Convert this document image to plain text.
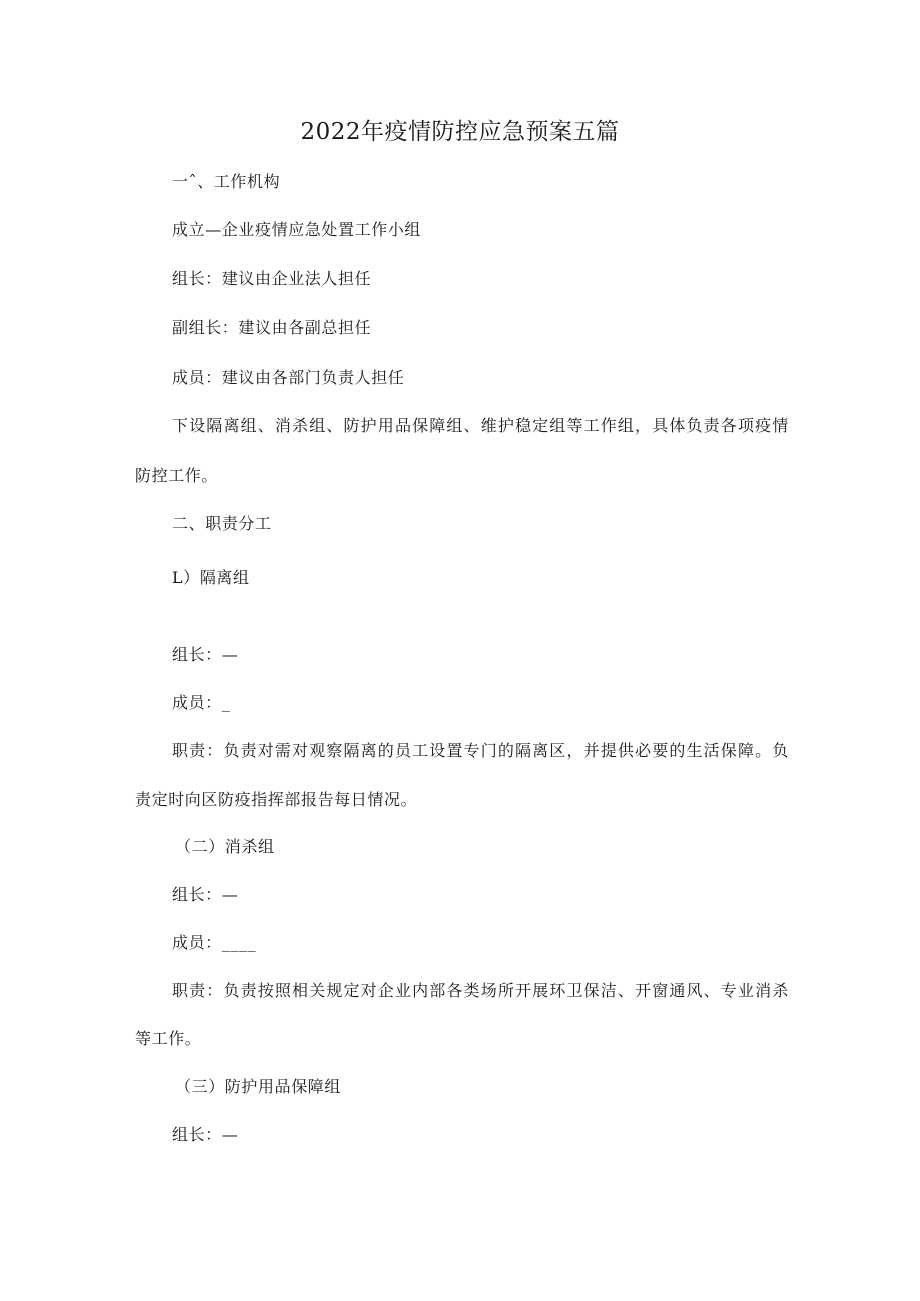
2022年疫情防控应急预案五篇
一ˆ、工作机构
成立—企业疫情应急处置工作小组
组长：建议由企业法人担任
副组长：建议由各副总担任
成员：建议由各部门负责人担任
下设隔离组、消杀组、防护用品保障组、维护稳定组等工作组，具体负责各项疫情
防控工作。
二、职责分工
L）隔离组
组长：—
成员：_
职责：负责对需对观察隔离的员工设置专门的隔离区，并提供必要的生活保障。负
责定时向区防疫指挥部报告每日情况。
（二）消杀组
组长：—
成员：____
职责：负责按照相关规定对企业内部各类场所开展环卫保洁、开窗通风、专业消杀
等工作。
（三）防护用品保障组
组长：—
